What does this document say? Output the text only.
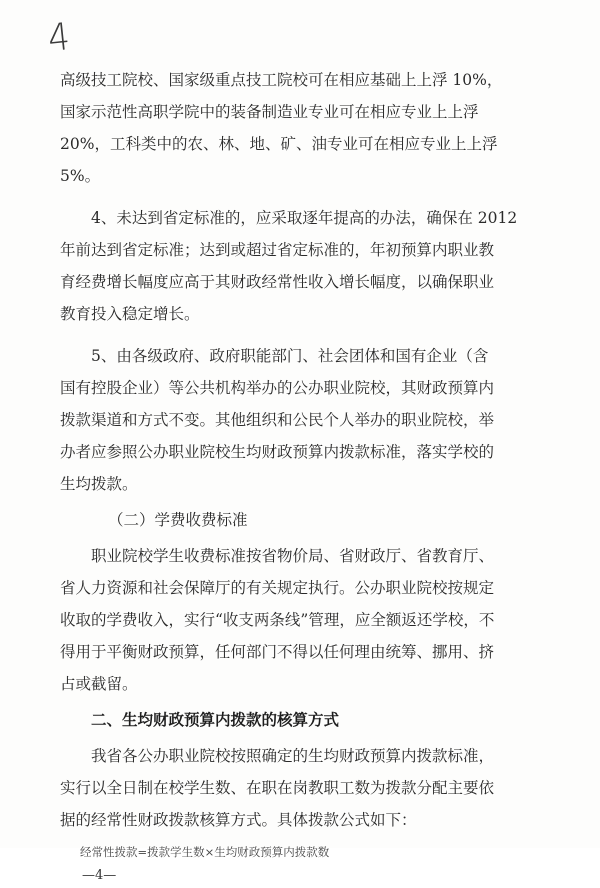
4
高级技工院校、国家级重点技工院校可在相应基础上上浮 10%，
国家示范性高职学院中的装备制造业专业可在相应专业上上浮
20%，工科类中的农、林、地、矿、油专业可在相应专业上上浮
5%。
4、未达到省定标准的，应采取逐年提高的办法，确保在 2012
年前达到省定标准；达到或超过省定标准的，年初预算内职业教
育经费增长幅度应高于其财政经常性收入增长幅度，以确保职业
教育投入稳定增长。
5、由各级政府、政府职能部门、社会团体和国有企业（含
国有控股企业）等公共机构举办的公办职业院校，其财政预算内
拨款渠道和方式不变。其他组织和公民个人举办的职业院校，举
办者应参照公办职业院校生均财政预算内拨款标准，落实学校的
生均拨款。
（二）学费收费标准
职业院校学生收费标准按省物价局、省财政厅、省教育厅、
省人力资源和社会保障厅的有关规定执行。公办职业院校按规定
收取的学费收入，实行“收支两条线”管理，应全额返还学校，不
得用于平衡财政预算，任何部门不得以任何理由统筹、挪用、挤
占或截留。
二、生均财政预算内拨款的核算方式
我省各公办职业院校按照确定的生均财政预算内拨款标准，
实行以全日制在校学生数、在职在岗教职工数为拨款分配主要依
据的经常性财政拨款核算方式。具体拨款公式如下：
经常性拨款=拨款学生数×生均财政预算内拨款数
—4—
